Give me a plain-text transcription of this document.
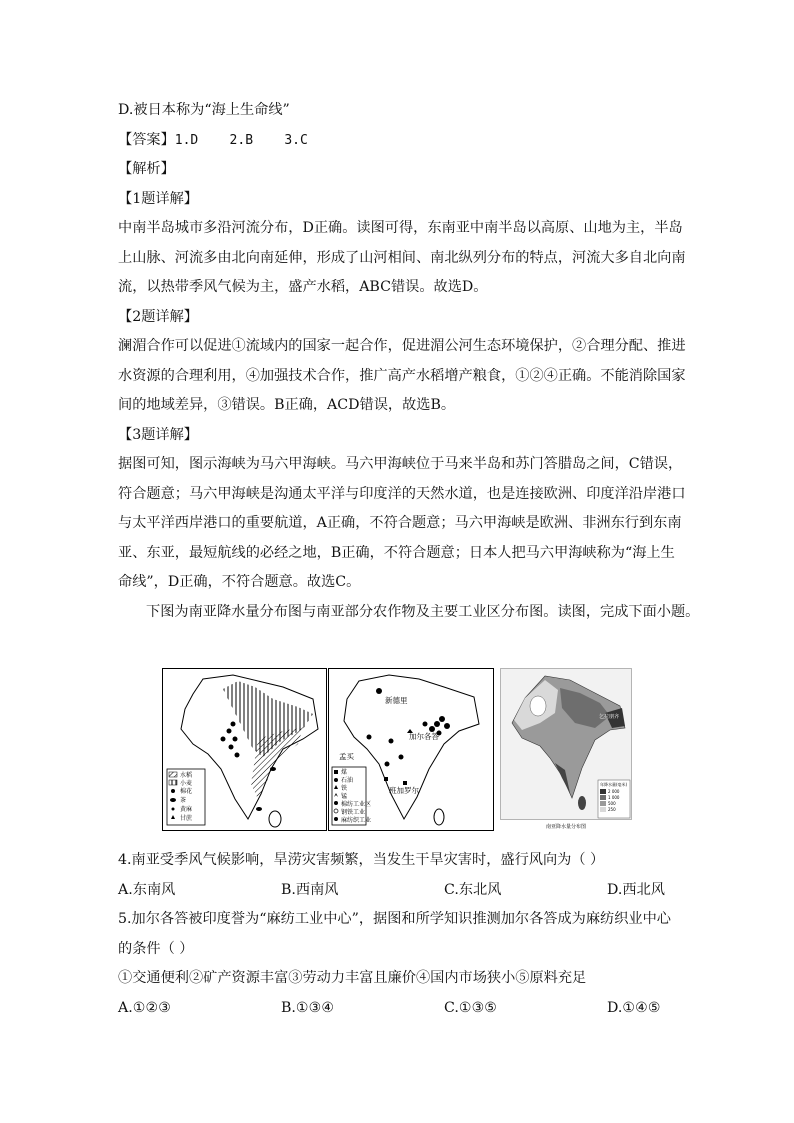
D.被日本称为“海上生命线”
【答案】1.D    2.B    3.C
【解析】
【1题详解】
中南半岛城市多沿河流分布，D正确。读图可得，东南亚中南半岛以高原、山地为主，半岛
上山脉、河流多由北向南延伸，形成了山河相间、南北纵列分布的特点，河流大多自北向南
流，以热带季风气候为主，盛产水稻，ABC错误。故选D。
【2题详解】
澜湄合作可以促进①流域内的国家一起合作，促进湄公河生态环境保护，②合理分配、推进
水资源的合理利用，④加强技术合作，推广高产水稻增产粮食，①②④正确。不能消除国家
间的地域差异，③错误。B正确，ACD错误，故选B。
【3题详解】
据图可知，图示海峡为马六甲海峡。马六甲海峡位于马来半岛和苏门答腊岛之间，C错误，
符合题意；马六甲海峡是沟通太平洋与印度洋的天然水道，也是连接欧洲、印度洋沿岸港口
与太平洋西岸港口的重要航道，A正确，不符合题意；马六甲海峡是欧洲、非洲东行到东南
亚、东亚，最短航线的必经之地，B正确，不符合题意；日本人把马六甲海峡称为“海上生
命线”，D正确，不符合题意。故选C。
下图为南亚降水量分布图与南亚部分农作物及主要工业区分布图。读图，完成下面小题。
水稻
小麦
棉花
茶
黄麻
甘蔗
新德里
加尔各答
孟买
班加罗尔
煤
石油
铁
锰
棉纺工业区
钢铁工业
麻纺织工业
乞拉朋齐
年降水量(毫米)
2 000
1 000
500
250
南亚降水量分布图
4.南亚受季风气候影响，旱涝灾害频繁，当发生干旱灾害时，盛行风向为（ ）
A.东南风	B.西南风	C.东北风	D.西北风
5.加尔各答被印度誉为“麻纺工业中心”，据图和所学知识推测加尔各答成为麻纺织业中心
的条件（ ）
①交通便利②矿产资源丰富③劳动力丰富且廉价④国内市场狭小⑤原料充足
A.①②③	B.①③④	C.①③⑤	D.①④⑤
